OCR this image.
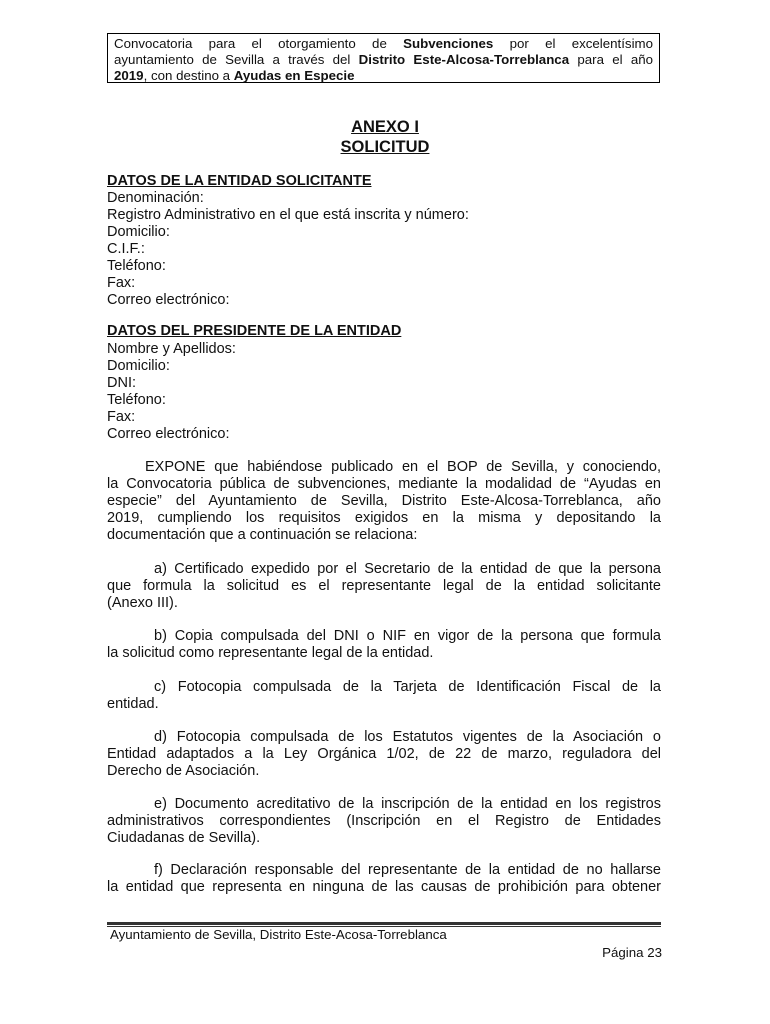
Convocatoria para el otorgamiento de Subvenciones por el excelentísimo
ayuntamiento de Sevilla a través del Distrito Este-Alcosa-Torreblanca para el año
2019, con destino a Ayudas en Especie
ANEXO I
SOLICITUD
DATOS DE LA ENTIDAD SOLICITANTE
Denominación:
Registro Administrativo en el que está inscrita y número:
Domicilio:
C.I.F.:
Teléfono:
Fax:
Correo electrónico:
DATOS DEL PRESIDENTE DE LA ENTIDAD
Nombre y Apellidos:
Domicilio:
DNI:
Teléfono:
Fax:
Correo electrónico:
EXPONE que habiéndose publicado en el BOP de Sevilla, y conociendo,
la Convocatoria pública de subvenciones, mediante la modalidad de “Ayudas en
especie” del Ayuntamiento de Sevilla, Distrito Este-Alcosa-Torreblanca, año
2019, cumpliendo los requisitos exigidos en la misma y depositando la
documentación que a continuación se relaciona:
a) Certificado expedido por el Secretario de la entidad de que la persona
que formula la solicitud es el representante legal de la entidad solicitante
(Anexo III).
b) Copia compulsada del DNI o NIF en vigor de la persona que formula
la solicitud como representante legal de la entidad.
c) Fotocopia compulsada de la Tarjeta de Identificación Fiscal de la
entidad.
d) Fotocopia compulsada de los Estatutos vigentes de la Asociación o
Entidad adaptados a la Ley Orgánica 1/02, de 22 de marzo, reguladora del
Derecho de Asociación.
e) Documento acreditativo de la inscripción de la entidad en los registros
administrativos correspondientes (Inscripción en el Registro de Entidades
Ciudadanas de Sevilla).
f) Declaración responsable del representante de la entidad de no hallarse
la entidad que representa en ninguna de las causas de prohibición para obtener
Ayuntamiento de Sevilla, Distrito Este-Acosa-Torreblanca
Página 23
